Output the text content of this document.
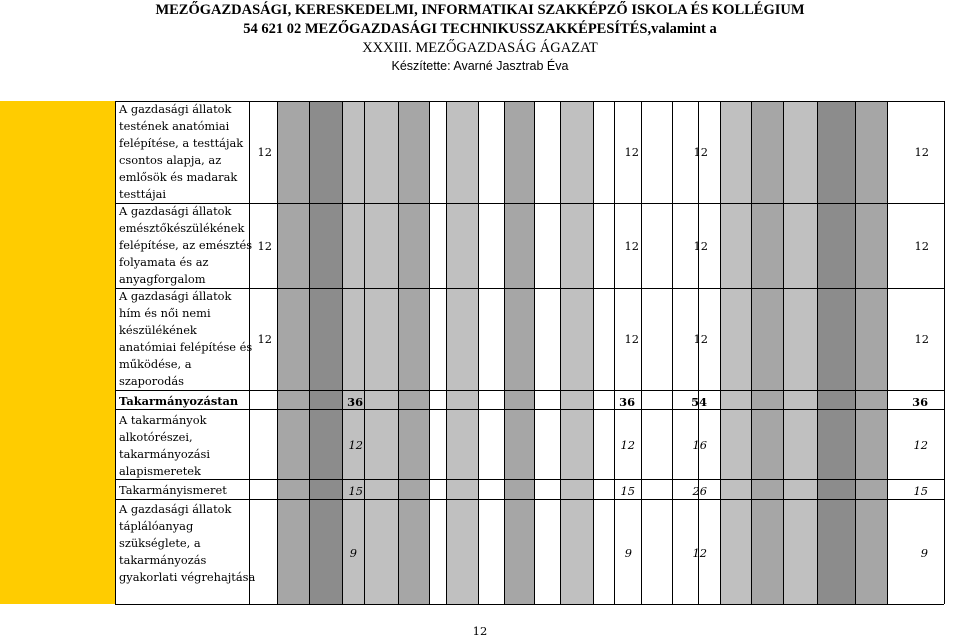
MEZŐGAZDASÁGI, KERESKEDELMI, INFORMATIKAI SZAKKÉPZŐ ISKOLA ÉS KOLLÉGIUM
54 621 02 MEZŐGAZDASÁGI TECHNIKUSSZAKKÉPESÍTÉS,valamint a
XXXIII. MEZŐGAZDASÁG ÁGAZAT
Készítette: Avarné Jasztrab Éva
A gazdasági állatok
testének anatómiai
felépítése, a testtájak
csontos alapja, az
emlősök és madarak
testtájai
12	12	12	12
A gazdasági állatok
emésztőkészülékének
felépítése, az emésztés
folyamata és az
anyagforgalom
12	12	12	12
A gazdasági állatok
hím és női nemi
készülékének
anatómiai felépítése és
működése, a
szaporodás
12	12	12	12
Takarmányozástan	36	36	54	36
A takarmányok
alkotórészei,
takarmányozási
alapismeretek
12	12	16	12
Takarmányismeret	15	15	26	15
A gazdasági állatok
táplálóanyag
szükséglete, a
takarmányozás
gyakorlati végrehajtása
9	9	12	9
12
